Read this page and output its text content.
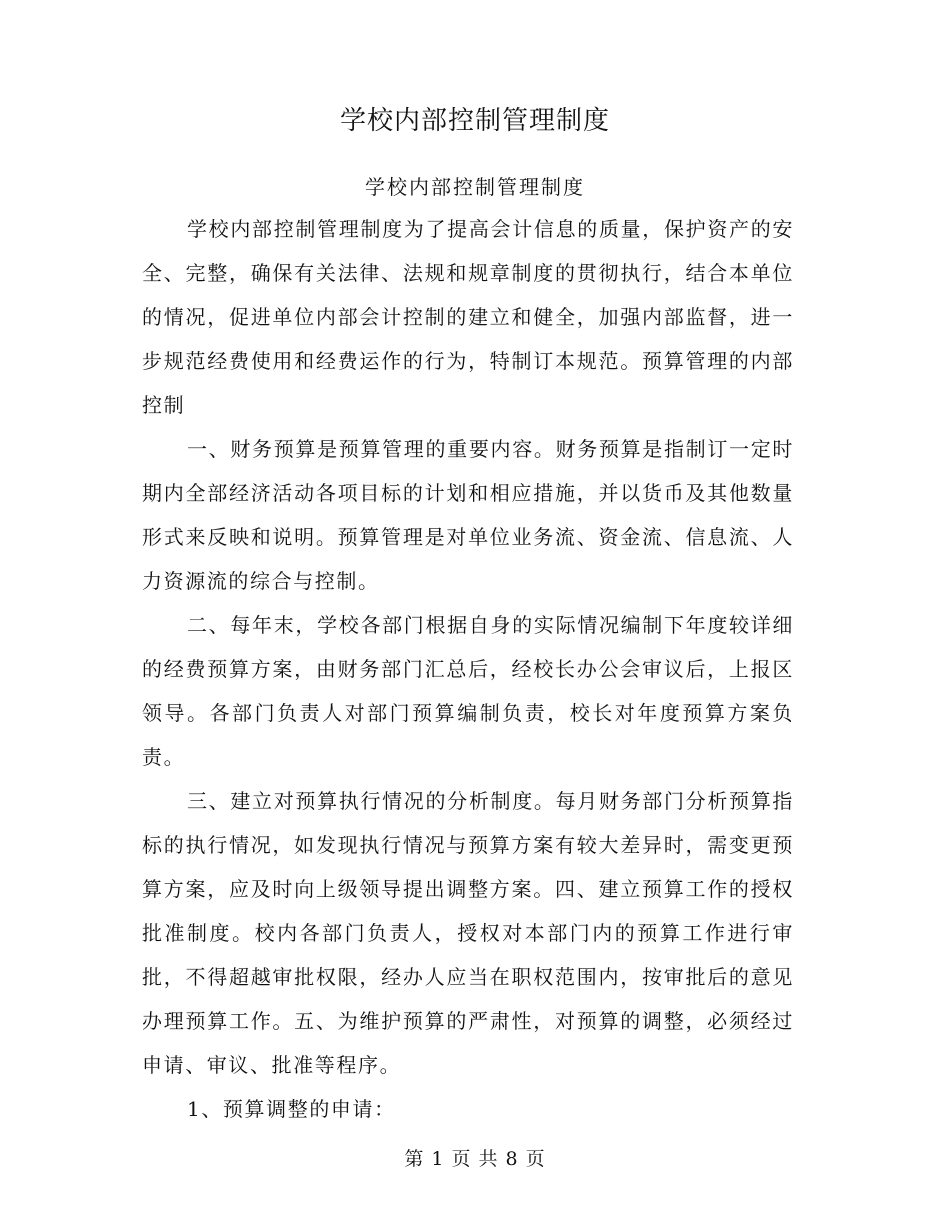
学校内部控制管理制度
学校内部控制管理制度

学校内部控制管理制度为了提高会计信息的质量，保护资产的安全、完整，确保有关法律、法规和规章制度的贯彻执行，结合本单位的情况，促进单位内部会计控制的建立和健全，加强内部监督，进一步规范经费使用和经费运作的行为，特制订本规范。预算管理的内部控制

一、财务预算是预算管理的重要内容。财务预算是指制订一定时期内全部经济活动各项目标的计划和相应措施，并以货币及其他数量形式来反映和说明。预算管理是对单位业务流、资金流、信息流、人力资源流的综合与控制。

二、每年末，学校各部门根据自身的实际情况编制下年度较详细的经费预算方案，由财务部门汇总后，经校长办公会审议后，上报区领导。各部门负责人对部门预算编制负责，校长对年度预算方案负责。

三、建立对预算执行情况的分析制度。每月财务部门分析预算指标的执行情况，如发现执行情况与预算方案有较大差异时，需变更预算方案，应及时向上级领导提出调整方案。四、建立预算工作的授权批准制度。校内各部门负责人，授权对本部门内的预算工作进行审批，不得超越审批权限，经办人应当在职权范围内，按审批后的意见办理预算工作。五、为维护预算的严肃性，对预算的调整，必须经过申请、审议、批准等程序。

1、预算调整的申请：

第 1 页 共 8 页
